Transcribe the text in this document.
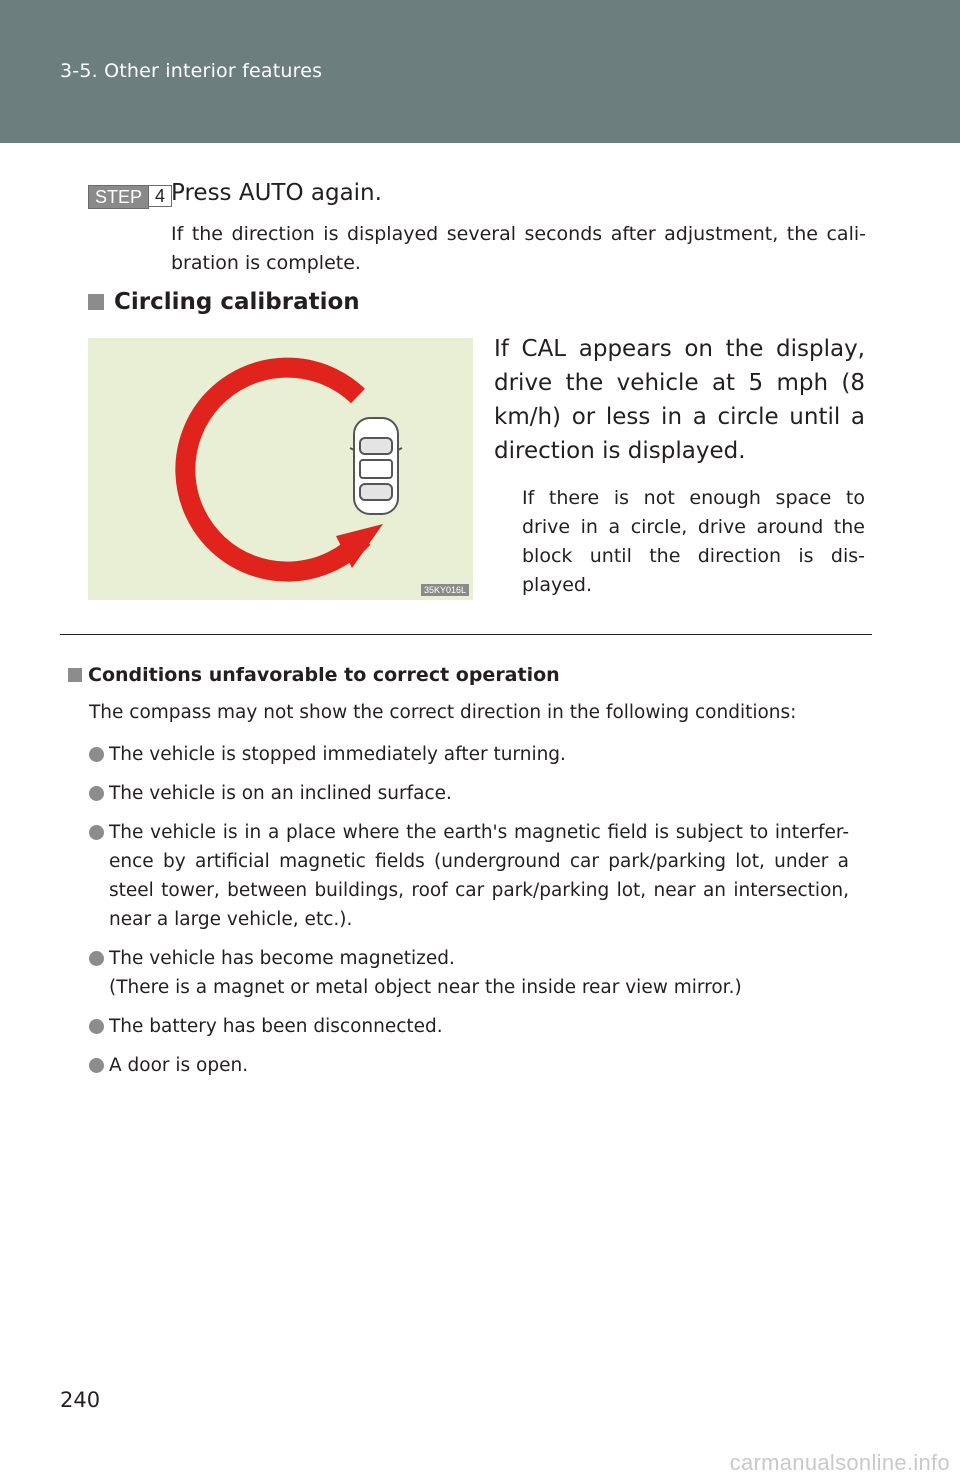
3-5. Other interior features
STEP 4 Press AUTO again.
If the direction is displayed several seconds after adjustment, the cali-bration is complete.
Circling calibration
35KY016L
If CAL appears on the display, drive the vehicle at 5 mph (8 km/h) or less in a circle until a direction is displayed.
If there is not enough space to drive in a circle, drive around the block until the direction is dis-played.
Conditions unfavorable to correct operation
The compass may not show the correct direction in the following conditions:
The vehicle is stopped immediately after turning.
The vehicle is on an inclined surface.
The vehicle is in a place where the earth's magnetic field is subject to interfer-ence by artificial magnetic fields (underground car park/parking lot, under a steel tower, between buildings, roof car park/parking lot, near an intersection, near a large vehicle, etc.).
The vehicle has become magnetized.
(There is a magnet or metal object near the inside rear view mirror.)
The battery has been disconnected.
A door is open.
240
carmanualsonline.info
